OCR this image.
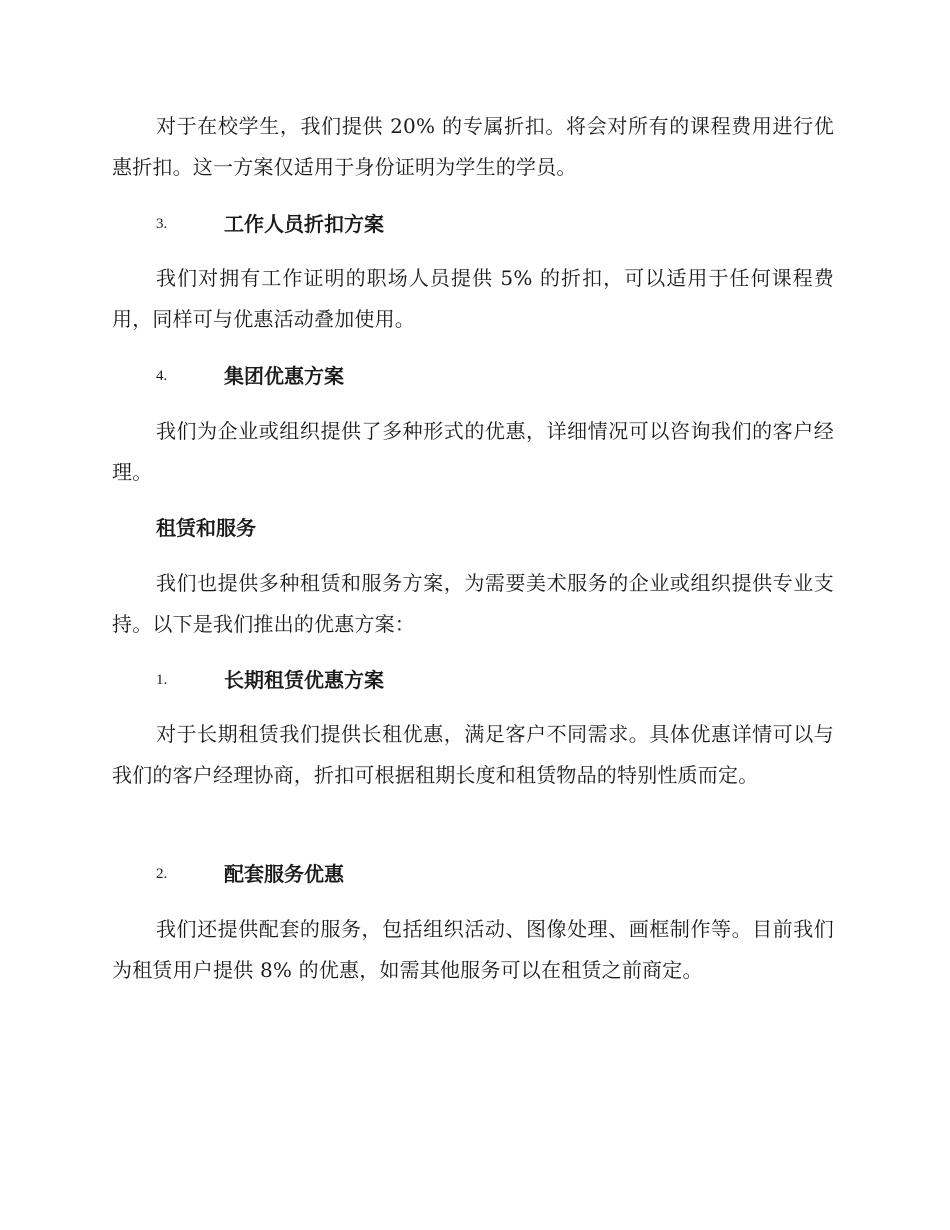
对于在校学生，我们提供 20% 的专属折扣。将会对所有的课程费用进行优惠折扣。这一方案仅适用于身份证明为学生的学员。

3.	工作人员折扣方案

我们对拥有工作证明的职场人员提供 5% 的折扣，可以适用于任何课程费用，同样可与优惠活动叠加使用。

4.	集团优惠方案

我们为企业或组织提供了多种形式的优惠，详细情况可以咨询我们的客户经理。

租赁和服务

我们也提供多种租赁和服务方案，为需要美术服务的企业或组织提供专业支持。以下是我们推出的优惠方案：

1.	长期租赁优惠方案

对于长期租赁我们提供长租优惠，满足客户不同需求。具体优惠详情可以与我们的客户经理协商，折扣可根据租期长度和租赁物品的特别性质而定。

2.	配套服务优惠

我们还提供配套的服务，包括组织活动、图像处理、画框制作等。目前我们为租赁用户提供 8% 的优惠，如需其他服务可以在租赁之前商定。
